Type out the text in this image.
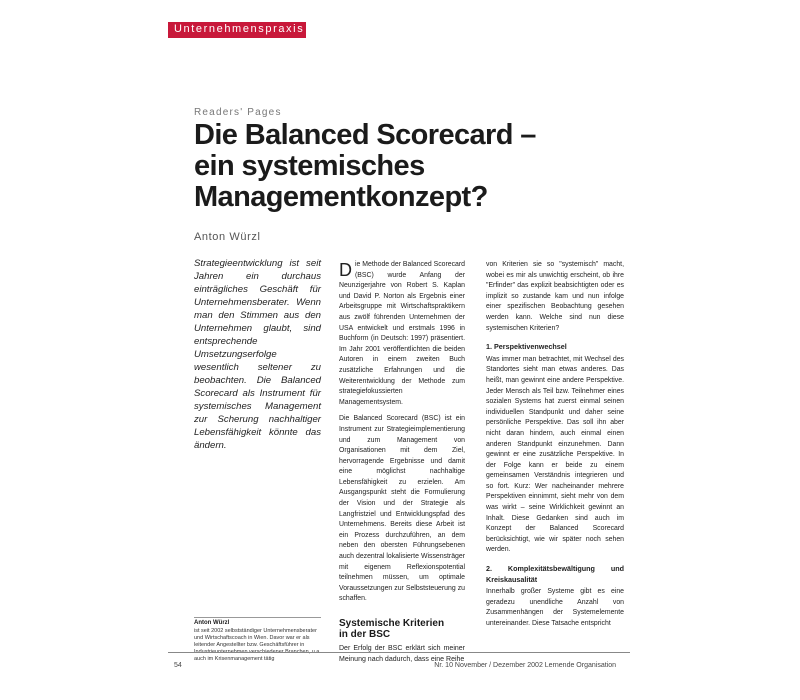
Unternehmenspraxis
Readers' Pages
Die Balanced Scorecard –
ein systemisches
Managementkonzept?
Anton Würzl
Strategieentwicklung ist seit Jahren ein durchaus einträgliches Geschäft für Unternehmensberater. Wenn man den Stimmen aus den Unternehmen glaubt, sind entsprechende Umsetzungserfolge wesentlich seltener zu beobachten. Die Balanced Scorecard als Instrument für systemisches Management zur Scherung nachhaltiger Lebensfähigkeit könnte das ändern.
Anton Würzl
ist seit 2002 selbstständiger Unternehmensberater und Wirtschaftscoach in Wien. Davor war er als leitender Angestellter bzw. Geschäftsführer in auch im Krisenmanagement tätig

Die Methode der Balanced Scorecard (BSC) wurde Anfang der Neunzigerjahre von Robert S. Kaplan und David P. Norton als Ergebnis einer Arbeitsgruppe mit Wirtschaftspraktikern aus zwölf führenden Unternehmen der USA entwickelt und erstmals 1996 in Buchform (in Deutsch: 1997) präsentiert. Im Jahr 2001 veröffentlichten die beiden Autoren in einem zweiten Buch zusätzliche Erfahrungen und die Weiterentwicklung der Methode zum strategiefokussierten Managementsystem.

Die Balanced Scorecard (BSC) ist ein Instrument zur Strategieimplementierung und zum Management von Organisationen mit dem Ziel, hervorragende Ergebnisse und damit eine möglichst nachhaltige Lebensfähigkeit zu erzielen. Am Ausgangspunkt steht die Formulierung der Vision und der Strategie als Langfristziel und Entwicklungspfad des Unternehmens. Bereits diese Arbeit ist ein Prozess durchzuführen, an dem neben den obersten Führungsebenen auch dezentral lokalisierte Wissensträger mit eigenem Reflexionspotential teilnehmen müssen, um optimale Voraussetzungen zur Selbststeuerung zu schaffen.

Systemische Kriterien
in der BSC
Der Erfolg der BSC erklärt sich meiner Meinung nach dadurch, dass eine Reihe

von Kriterien sie so "systemisch" macht, wobei es mir als unwichtig erscheint, ob ihre "Erfinder" das explizit beabsichtigten oder es implizit so zustande kam und nun infolge einer spezifischen Beobachtung gesehen werden kann. Welche sind nun diese systemischen Kriterien?

1. Perspektivenwechsel

Was immer man betrachtet, mit Wechsel des Standortes sieht man etwas anderes. Das heißt, man gewinnt eine andere Perspektive. Jeder Mensch als Teil bzw. Teilnehmer eines sozialen Systems hat zuerst einmal seinen individuellen Standpunkt und daher seine persönliche Perspektive. Das soll ihn aber nicht daran hindern, auch einmal einen anderen Standpunkt einzunehmen. Dann gewinnt er eine zusätzliche Perspektive. In der Folge kann er beide zu einem gemeinsamen Verständnis integrieren und so fort. Kurz: Wer nacheinander mehrere Perspektiven einnimmt, sieht mehr von dem was wirkt – seine Wirklichkeit gewinnt an Inhalt. Diese Gedanken sind auch im Konzept der Balanced Scorecard berücksichtigt, wie wir später noch sehen werden.

2. Komplexitätsbewältigung und Kreiskausalität

Innerhalb großer Systeme gibt es eine geradezu unendliche Anzahl von Zusammenhängen der Systemelemente untereinander. Diese Tatsache entspricht

54	Nr. 10 November / Dezember 2002 Lernende Organisation
